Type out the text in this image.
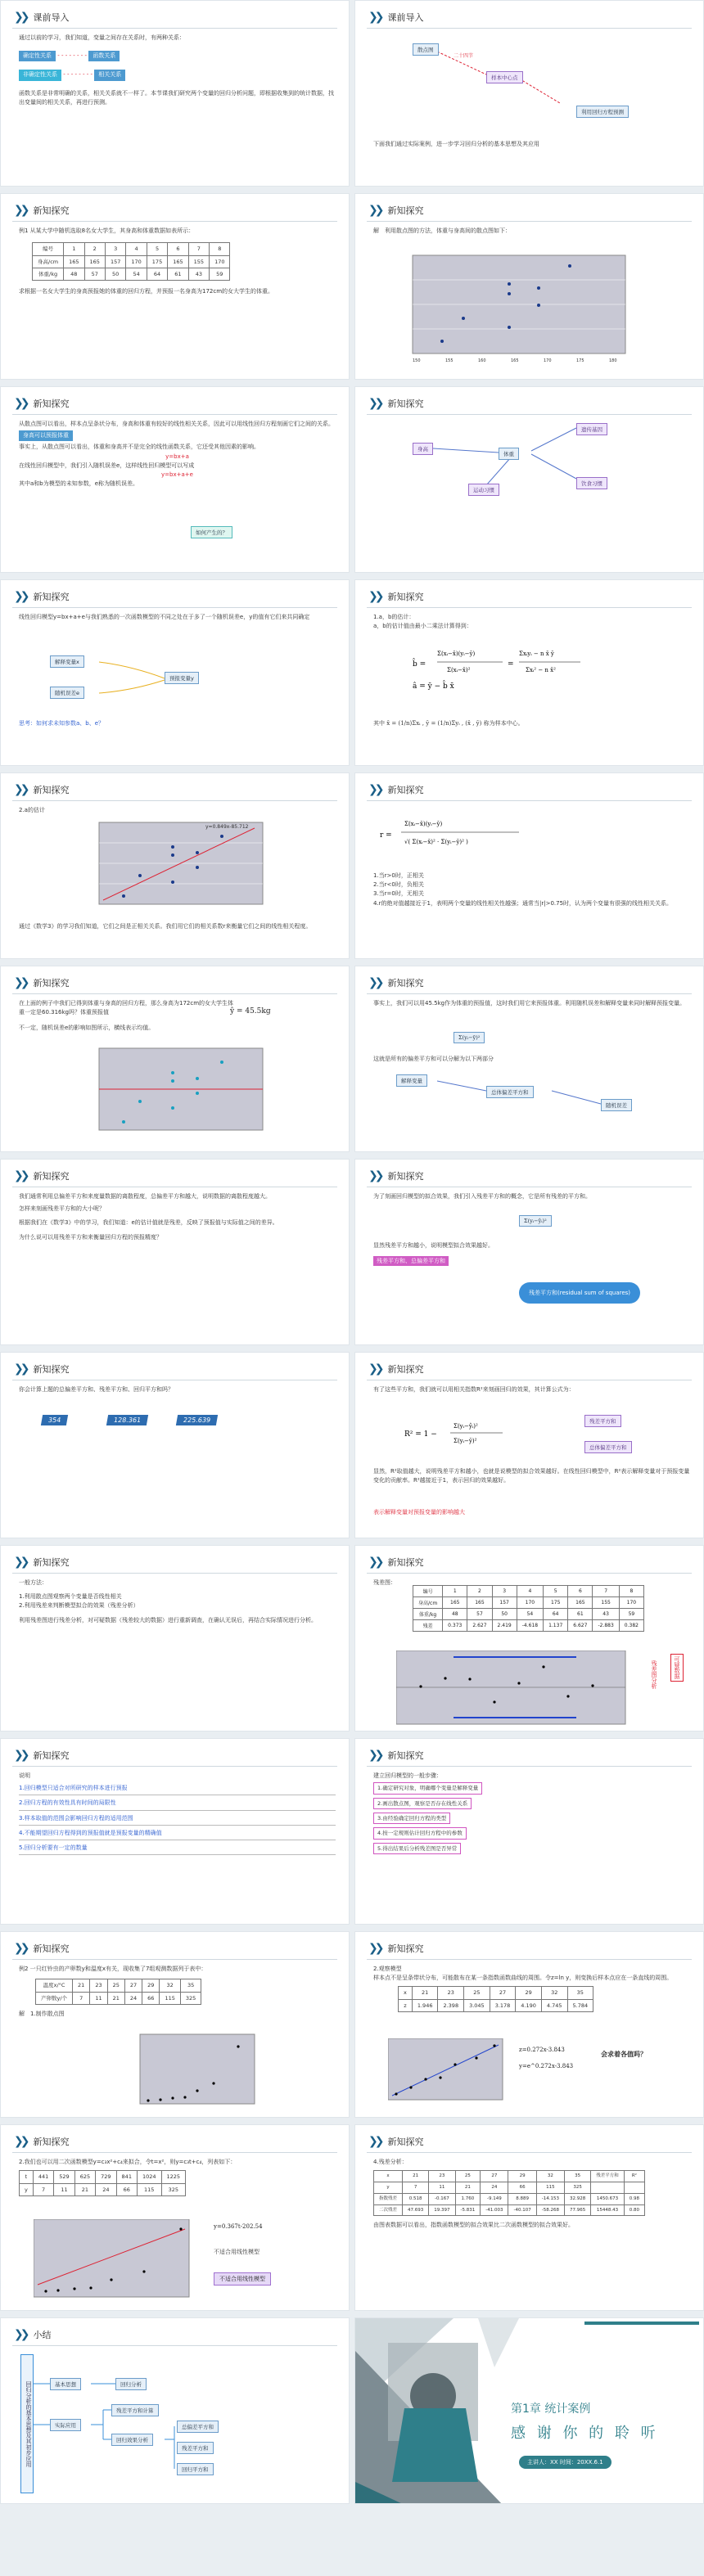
❯❯ 课前导入
通过以前的学习，我们知道，变量之间存在关系时，有两种关系：
确定性关系 - - - - - - - - 函数关系
非确定性关系 - - - - - - - - 相关关系
函数关系是非常明确的关系，相关关系就不一样了。本节课我们研究两个变量的回归分析问题，即根据收集到的统计数据，找出变量间的相关关系，再进行预测。
❯❯ 课前导入
散点图
二十四节
样本中心点
利用回归方程预测
下面我们通过实际案例，进一步学习回归分析的基本思想及其应用
❯❯ 新知探究
例1 从某大学中随机选取8名女大学生，其身高和体重数据如表所示：
编号	1	2	3	4	5	6	7	8
身高/cm	165	165	157	170	175	165	155	170
体重/kg	48	57	50	54	64	61	43	59
求根据一名女大学生的身高预报她的体重的回归方程，并预报一名身高为172cm的女大学生的体重。
❯❯ 新知探究
解　利用散点图的方法，体重与身高间的散点图如下：
150	155	160	165	170	175	180
❯❯ 新知探究
从散点图可以看出，样本点呈条状分布，身高和体重有较好的线性相关关系，因此可以用线性回归方程刻画它们之间的关系。
身高可以预报体重
事实上，从散点图可以看出，体重和身高并不是完全的线性函数关系，它还受其他因素的影响。
y=bx+a
在线性回归模型中，我们引入随机误差e，这样线性回归模型可以写成
y=bx+a+e
其中a和b为模型的未知参数，e称为随机误差。
如何产生的？
❯❯ 新知探究
身高
体重
遗传基因
饮食习惯
运动习惯
❯❯ 新知探究
线性回归模型y=bx+a+e与我们熟悉的一次函数模型的不同之处在于多了一个随机误差e，y的值有它们来共同确定
解释变量x
随机误差e
预报变量y
思考：如何求未知参数a、b、e？
❯❯ 新知探究
1.a，b的估计：
a，b的估计值由最小二乘法计算得到：
b̂ =
Σ(xᵢ−x̄)(yᵢ−ȳ)
Σ(xᵢ−x̄)²
=
Σxᵢyᵢ − n x̄ ȳ
Σxᵢ² − n x̄²
â = ȳ − b̂ x̄
其中 x̄ = (1/n)Σxᵢ , ȳ = (1/n)Σyᵢ , (x̄ , ȳ) 称为样本中心。
❯❯ 新知探究
2.a的估计
y=0.849x-85.712
通过《数学3》的学习我们知道，它们之间是正相关关系。我们用它们的相关系数r来衡量它们之间的线性相关程度。
❯❯ 新知探究
r =
Σ(xᵢ−x̄)(yᵢ−ȳ)
√( Σ(xᵢ−x̄)² · Σ(yᵢ−ȳ)² )
1.当r>0时，正相关
2.当r<0时，负相关
3.当r=0时，无相关
4.r的绝对值越接近于1，表明两个变量的线性相关性越强；通常当|r|>0.75时，认为两个变量有很强的线性相关关系。
❯❯ 新知探究
在上面的例子中我们已得到体重与身高的回归方程，那么身高为172cm的女大学生体重一定是60.316kg吗？体重预报值	ŷ = 45.5kg
不一定，随机误差e的影响如图所示，横线表示均值。
❯❯ 新知探究
事实上，我们可以用45.5kg作为体重的预报值，这时我们用它来预报体重。利用随机误差和解释变量来同时解释预报变量。
Σ(yᵢ−ȳ)²
这就是所有的偏差平方和可以分解为以下两部分
解释变量
总体偏差平方和
随机误差
❯❯ 新知探究
我们通常利用总偏差平方和来度量数据的离散程度，总偏差平方和越大，说明数据的离散程度越大。
怎样来刻画残差平方和的大小呢？
根据我们在《数学3》中的学习，我们知道：e的估计值就是残差，反映了预报值与实际值之间的差异。
为什么说可以用残差平方和来衡量回归方程的预报精度？
❯❯ 新知探究
为了刻画回归模型的拟合效果，我们引入残差平方和的概念，它是所有残差的平方和。
Σ(yᵢ−ŷᵢ)²
显然残差平方和越小，说明模型拟合效果越好。
残差平方和、总偏差平方和
残差平方和(residual sum of squares)
❯❯ 新知探究
你会计算上题的总偏差平方和、残差平方和、回归平方和吗？
354	128.361	225.639
❯❯ 新知探究
有了这些平方和，我们就可以用相关指数R²来刻画回归的效果，其计算公式为：
R² = 1 −
Σ(yᵢ−ŷᵢ)²
Σ(yᵢ−ȳ)²
残差平方和
总体偏差平方和
显然，R²取值越大，说明残差平方和越小，也就是说模型的拟合效果越好。在线性回归模型中，R²表示解释变量对于预报变量变化的贡献率。R²越接近于1，表示回归的效果越好。
表示解释变量对预报变量的影响越大
❯❯ 新知探究
一般方法：
1.利用散点图观察两个变量是否线性相关
2.利用残差来判断模型拟合的效果（残差分析）
利用残差图进行残差分析，对可疑数据（残差较大的数据）进行重新调查，在确认无误后，再结合实际情况进行分析。
❯❯ 新知探究
残差图：
编号	1	2	3	4	5	6	7	8
身高/cm	165	165	157	170	175	165	155	170
体重/kg	48	57	50	54	64	61	43	59
残差	0.373	2.627	2.419	-4.618	1.137	6.627	-2.883	0.382
残差图分析	可疑数据
❯❯ 新知探究
说明
1.回归模型只适合对所研究的样本进行预报
2.回归方程的有效性具有时间的局限性
3.样本取值的范围会影响回归方程的适用范围
4.不能期望回归方程得到的预报值就是预报变量的精确值
5.回归分析要有一定的数量
❯❯ 新知探究
建立回归模型的一般步骤：
1.确定研究对象，明确哪个变量是解释变量
2.画出散点图，观察是否存在线性关系
3.由经验确定回归方程的类型
4.按一定规则估计回归方程中的参数
5.得出结果后分析残差图是否异常
❯❯ 新知探究
例2 一只红铃虫的产卵数y和温度x有关，现收集了7组观测数据列于表中：
温度x/°C	21	23	25	27	29	32	35
产卵数y/个	7	11	21	24	66	115	325
解　1.制作散点图
❯❯ 新知探究
2.观察模型
样本点不是呈条带状分布，可能散布在某一条指数函数曲线的周围。令z=ln y，则变换后样本点应在一条直线的周围。
x	21	23	25	27	29	32	35
z	1.946	2.398	3.045	3.178	4.190	4.745	5.784
z=0.272x-3.843
y=e^0.272x-3.843
会求着各值吗？
❯❯ 新知探究
2.我们也可以用二次函数模型y=c₃x²+c₄来拟合，令t=x²，则y=c₃t+c₄，列表如下：
t	441	529	625	729	841	1024	1225
y	7	11	21	24	66	115	325
y=0.367t-202.54
不适合用线性模型
不适合用线性模型
❯❯ 新知探究
4.残差分析：
x	21	23	25	27	29	32	35	残差平方和	R²
y	7	11	21	24	66	115	325		
指数残差	0.518	-0.167	1.760	-9.149	8.889	-14.153	32.928	1450.673	0.98
二次残差	47.693	19.397	-5.831	-41.003	-40.107	-58.268	77.965	15448.43	0.80
由图表数据可以看出，指数函数模型的拟合效果比二次函数模型的拟合效果好。
❯❯ 小结
回归分析的基本思想及其初步应用	基本思想
实际应用
回归分析
残差平方和计算
回归效果分析
总偏差平方和
残差平方和
回归平方和
第1章 统计案例
感 谢 你 的 聆 听
主讲人：XX 时间：20XX.6.1
